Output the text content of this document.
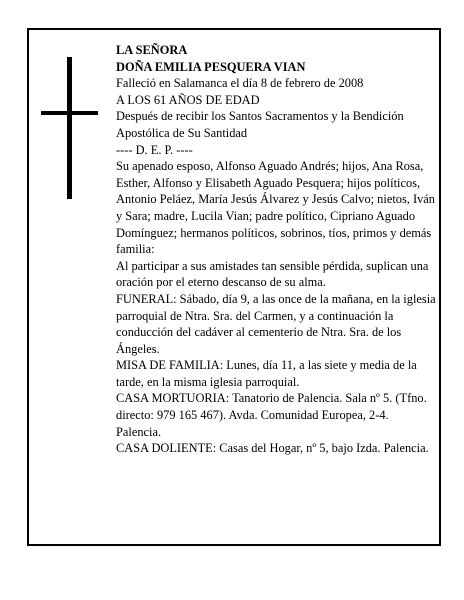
LA SEÑORA

DOÑA EMILIA PESQUERA VIAN

Falleció en Salamanca el día 8 de febrero de 2008

A LOS 61 AÑOS DE EDAD

Después de recibir los Santos Sacramentos y la Bendición Apostólica de Su Santidad

---- D. E. P. ----

Su apenado esposo, Alfonso Aguado Andrés; hijos, Ana Rosa, Esther, Alfonso y Elisabeth Aguado Pesquera; hijos políticos, Antonio Peláez, María Jesús Álvarez y Jesús Calvo; nietos, Iván y Sara; madre, Lucila Vian; padre político, Cipriano Aguado Domínguez; hermanos políticos, sobrinos, tíos, primos y demás familia:

Al participar a sus amistades tan sensible pérdida, suplican una oración por el eterno descanso de su alma.

FUNERAL: Sábado, día 9, a las once de la mañana, en la iglesia parroquial de Ntra. Sra. del Carmen, y a continuación la conducción del cadáver al cementerio de Ntra. Sra. de los Ángeles.

MISA DE FAMILIA: Lunes, día 11, a las siete y media de la tarde, en la misma iglesia parroquial.

CASA MORTUORIA: Tanatorio de Palencia. Sala nº 5. (Tfno. directo: 979 165 467). Avda. Comunidad Europea, 2-4. Palencia.

CASA DOLIENTE: Casas del Hogar, nº 5, bajo Izda. Palencia.
